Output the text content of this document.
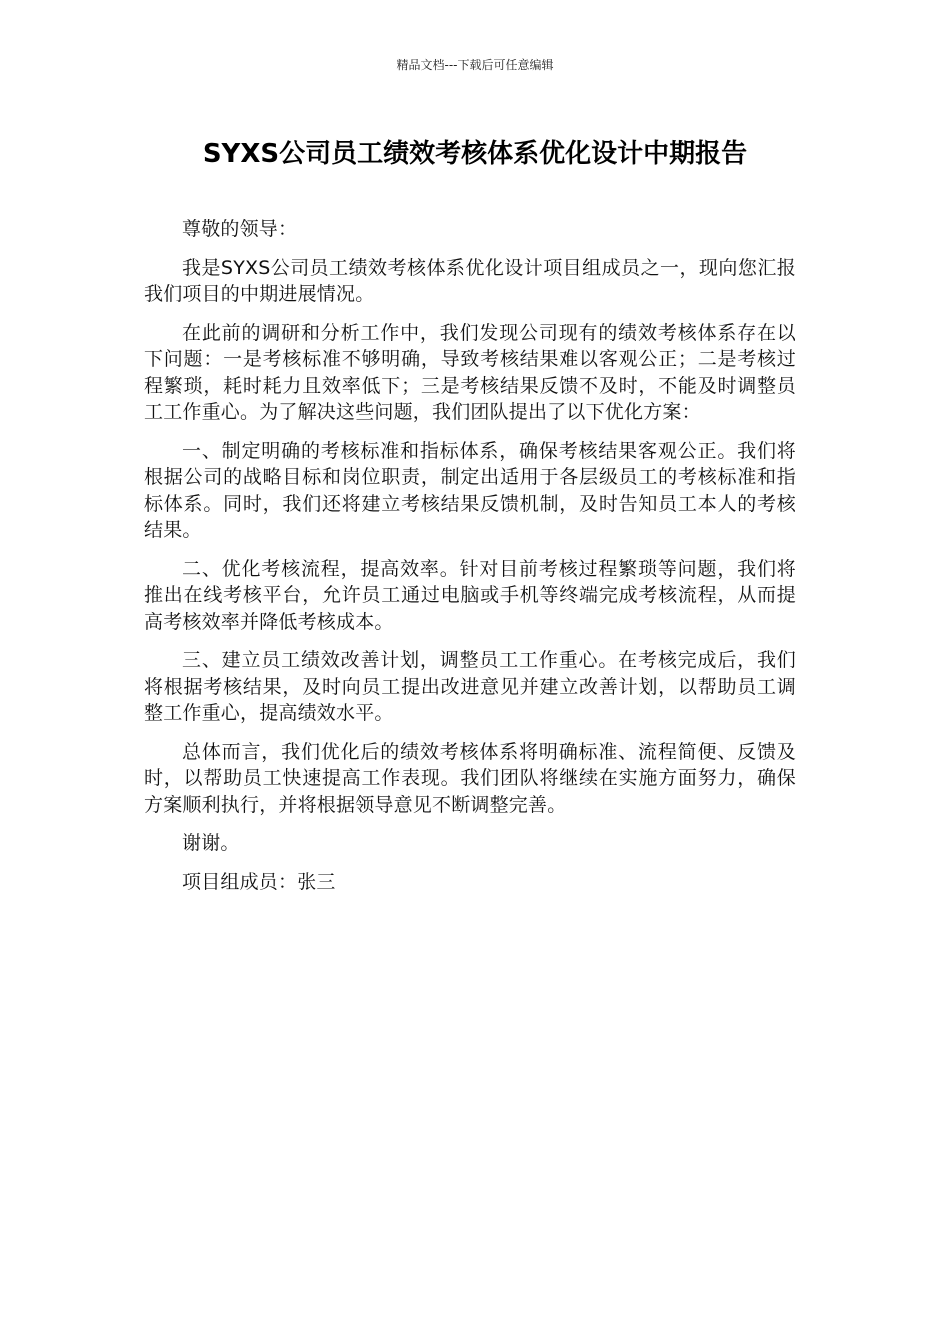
精品文档---下载后可任意编辑
SYXS公司员工绩效考核体系优化设计中期报告

尊敬的领导：

我是SYXS公司员工绩效考核体系优化设计项目组成员之一，现向您汇报我们项目的中期进展情况。

在此前的调研和分析工作中，我们发现公司现有的绩效考核体系存在以下问题：一是考核标准不够明确，导致考核结果难以客观公正；二是考核过程繁琐，耗时耗力且效率低下；三是考核结果反馈不及时，不能及时调整员工工作重心。为了解决这些问题，我们团队提出了以下优化方案：

一、制定明确的考核标准和指标体系，确保考核结果客观公正。我们将根据公司的战略目标和岗位职责，制定出适用于各层级员工的考核标准和指标体系。同时，我们还将建立考核结果反馈机制，及时告知员工本人的考核结果。

二、优化考核流程，提高效率。针对目前考核过程繁琐等问题，我们将推出在线考核平台，允许员工通过电脑或手机等终端完成考核流程，从而提高考核效率并降低考核成本。

三、建立员工绩效改善计划，调整员工工作重心。在考核完成后，我们将根据考核结果，及时向员工提出改进意见并建立改善计划，以帮助员工调整工作重心，提高绩效水平。

总体而言，我们优化后的绩效考核体系将明确标准、流程简便、反馈及时，以帮助员工快速提高工作表现。我们团队将继续在实施方面努力，确保方案顺利执行，并将根据领导意见不断调整完善。

谢谢。

项目组成员：张三
